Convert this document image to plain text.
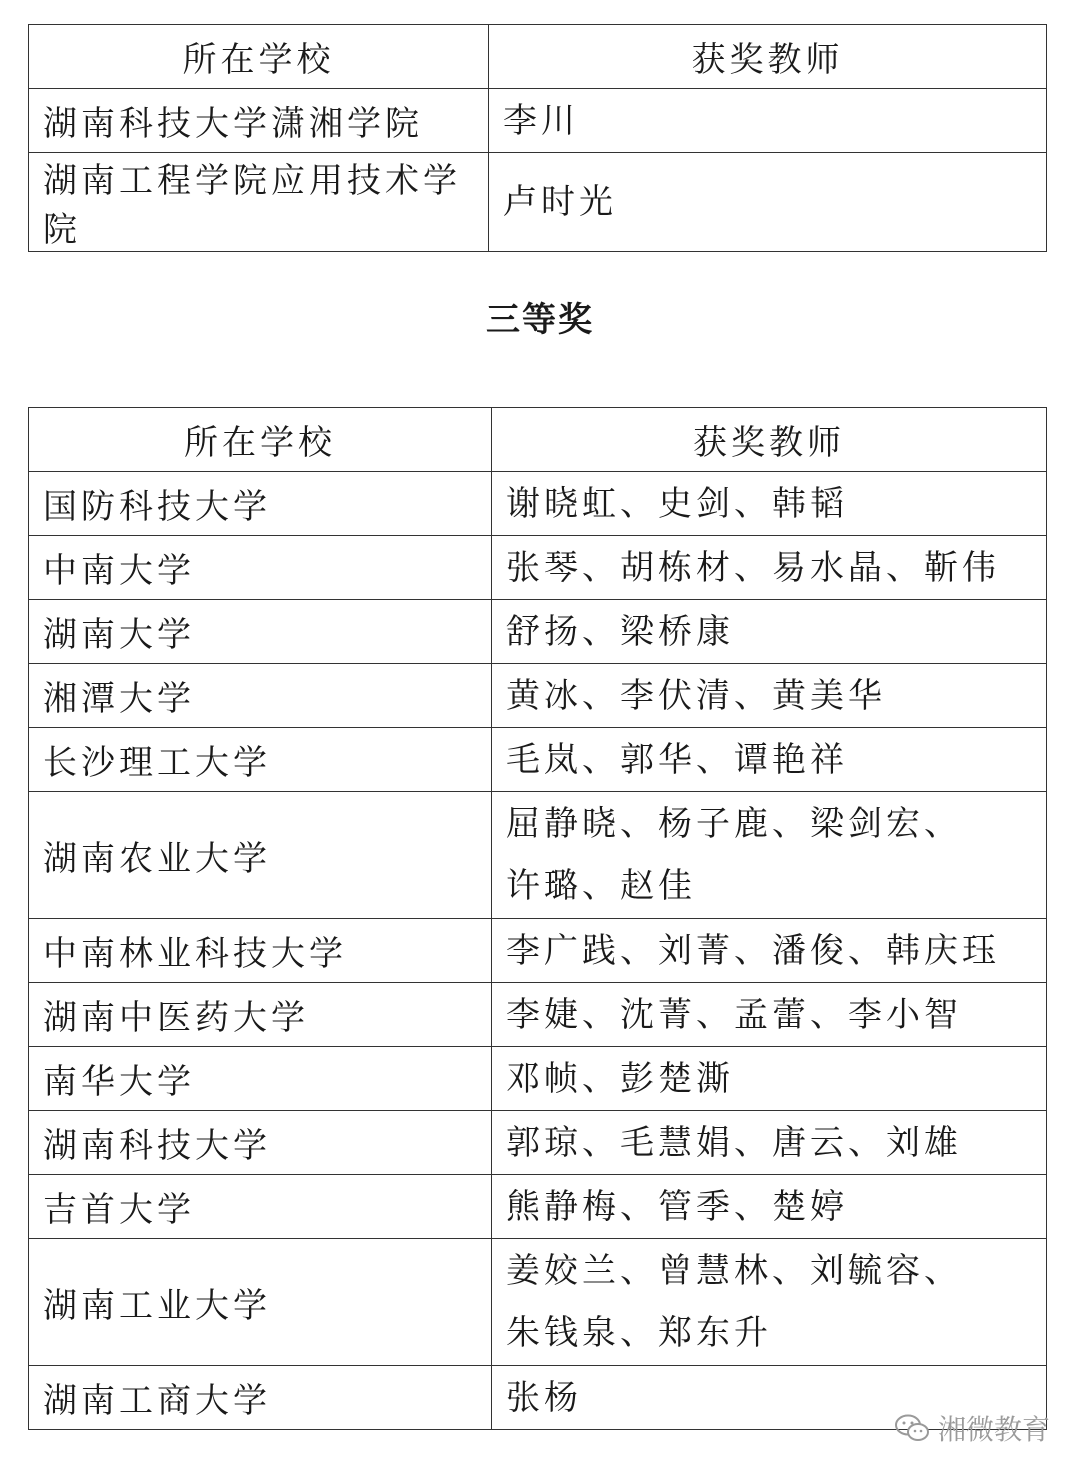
所在学校	获奖教师
湖南科技大学潇湘学院	李川

湖南工程学院应用技术学院	卢时光
三等奖
所在学校	获奖教师
国防科技大学	谢晓虹、史剑、韩韬

中南大学	张琴、胡栋材、易水晶、靳伟

湖南大学	舒扬、梁桥康

湘潭大学	黄冰、李伏清、黄美华

长沙理工大学	毛岚、郭华、谭艳祥

湖南农业大学	屈静晓、杨子鹿、梁剑宏、
许璐、赵佳

中南林业科技大学	李广践、刘菁、潘俊、韩庆珏

湖南中医药大学	李婕、沈菁、孟蕾、李小智

南华大学	邓帧、彭楚澌

湖南科技大学	郭琼、毛慧娟、唐云、刘雄

吉首大学	熊静梅、管季、楚婷

湖南工业大学	姜姣兰、曾慧林、刘毓容、
朱钱泉、郑东升

湖南工商大学	张杨
湘微教育
